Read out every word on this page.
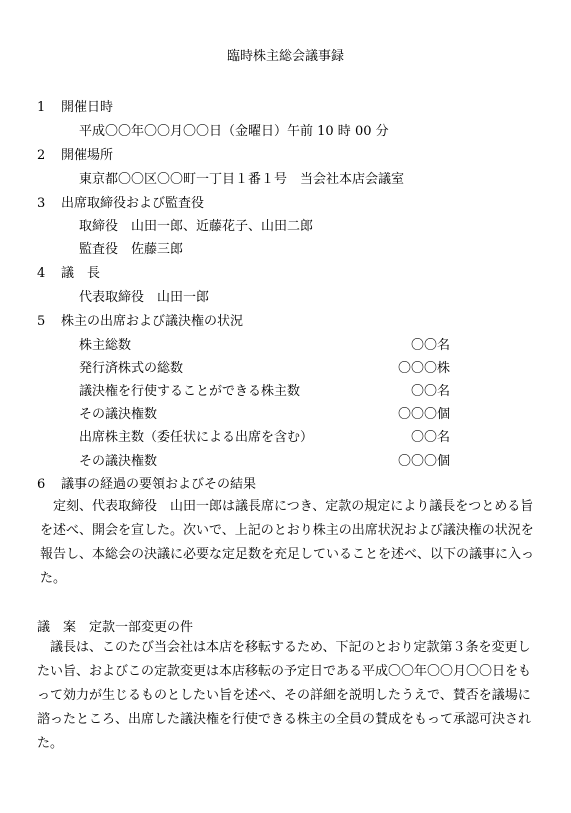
臨時株主総会議事録
1 開催日時
平成〇〇年〇〇月〇〇日（金曜日）午前 10 時 00 分
2 開催場所
東京都〇〇区〇〇町一丁目１番１号　当会社本店会議室
3 出席取締役および監査役
取締役　山田一郎、近藤花子、山田二郎
監査役　佐藤三郎
4 議　長
代表取締役　山田一郎
5 株主の出席および議決権の状況
株主総数	〇〇名
発行済株式の総数	〇〇〇株
議決権を行使することができる株主数	〇〇名
その議決権数	〇〇〇個
出席株主数（委任状による出席を含む）	〇〇名
その議決権数	〇〇〇個
6 議事の経過の要領およびその結果
定刻、代表取締役　山田一郎は議長席につき、定款の規定により議長をつとめる旨を述べ、開会を宣した。次いで、上記のとおり株主の出席状況および議決権の状況を報告し、本総会の決議に必要な定足数を充足していることを述べ、以下の議事に入った。
議　案　定款一部変更の件
議長は、このたび当会社は本店を移転するため、下記のとおり定款第３条を変更したい旨、およびこの定款変更は本店移転の予定日である平成〇〇年〇〇月〇〇日をもって効力が生じるものとしたい旨を述べ、その詳細を説明したうえで、賛否を議場に諮ったところ、出席した議決権を行使できる株主の全員の賛成をもって承認可決された。
